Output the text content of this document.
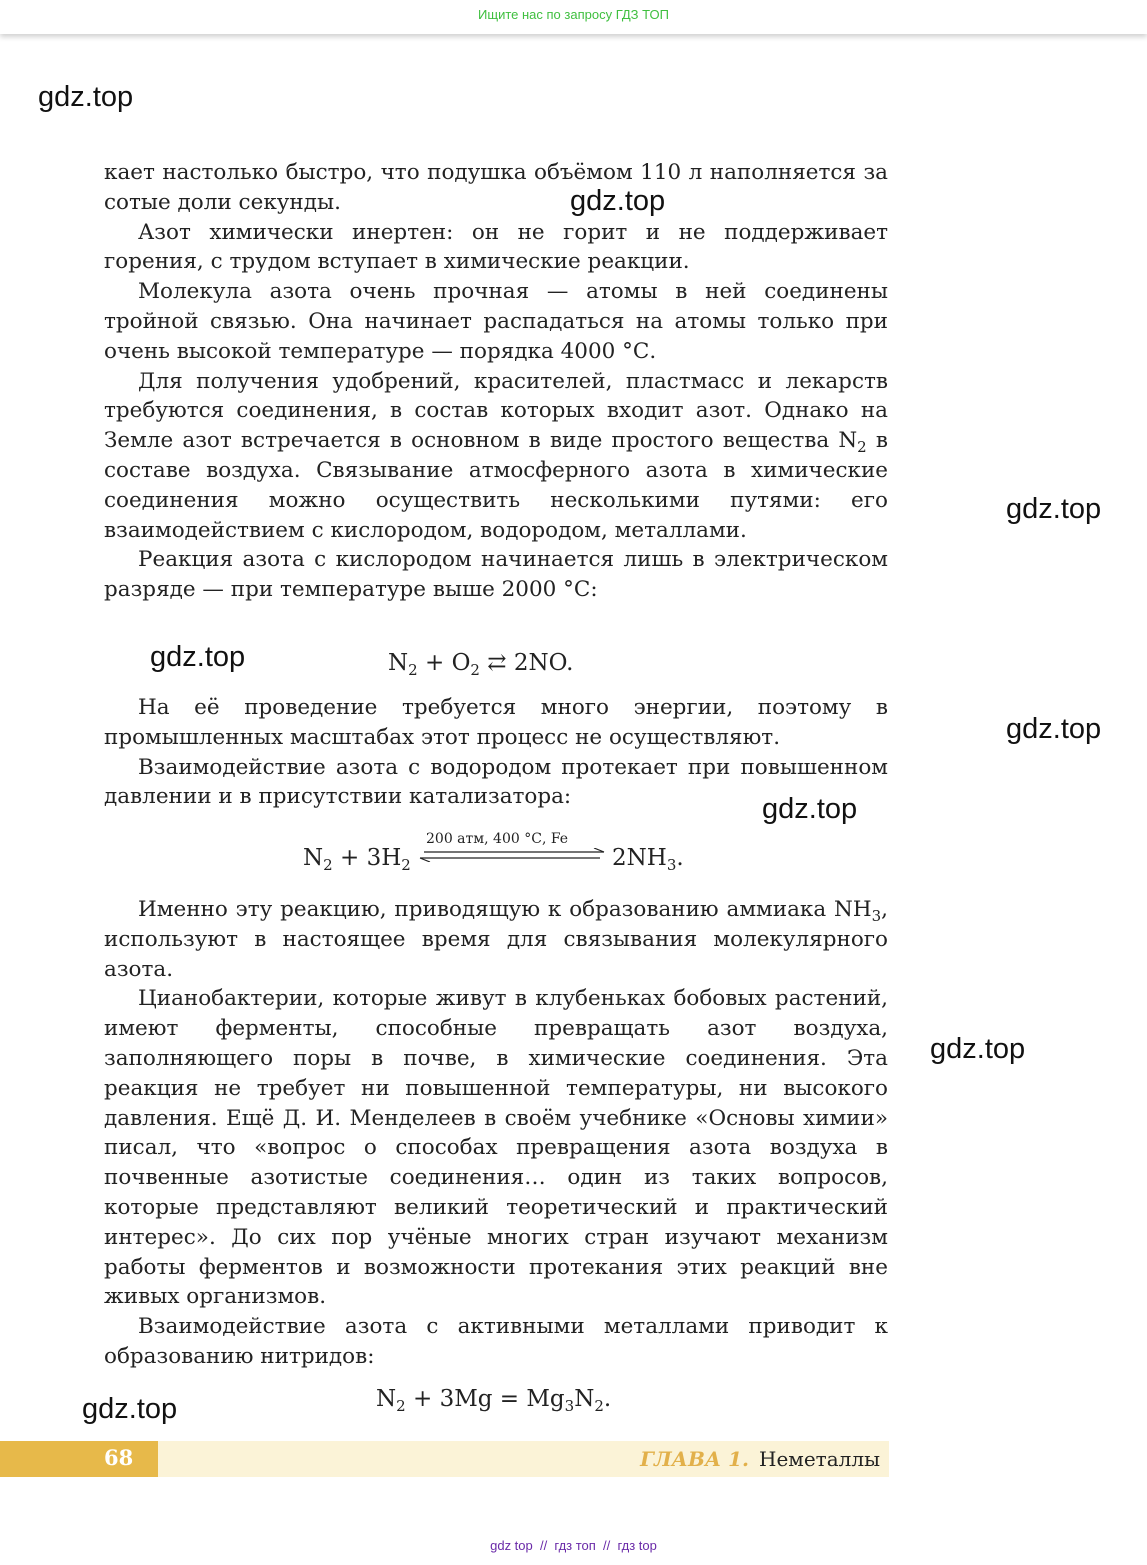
Ищите нас по запросу ГДЗ ТОП
gdz.top
gdz.top
gdz.top
gdz.top
gdz.top
gdz.top
gdz.top
gdz.top

кает настолько быстро, что подушка объёмом 110 л наполняется за сотые доли секунды.

Азот химически инертен: он не горит и не поддерживает горения, с трудом вступает в химические реакции.

Молекула азота очень прочная — атомы в ней соединены тройной связью. Она начинает распадаться на атомы только при очень высокой температуре — порядка 4000 °С.

Для получения удобрений, красителей, пластмасс и лекарств требуются соединения, в состав которых входит азот. Однако на Земле азот встречается в основном в виде простого вещества $N_2$ в составе воздуха. Связывание атмосферного азота в химические соединения можно осуществить несколькими путями: его взаимодействием с кислородом, водородом, металлами.

Реакция азота с кислородом начинается лишь в электрическом разряде — при температуре выше 2000 °С:

$N_2 + O_2$ ⇄ 2NO.

На её проведение требуется много энергии, поэтому в промышленных масштабах этот процесс не осуществляют.

Взаимодействие азота с водородом протекает при повышенном давлении и в присутствии катализатора:

200 атм, 400 °С, Fe
$N_2 + 3H_2$	$2NH_3$.

Именно эту реакцию, приводящую к образованию аммиака $NH_3$, используют в настоящее время для связывания молекулярного азота.

Цианобактерии, которые живут в клубеньках бобовых растений, имеют ферменты, способные превращать азот воздуха, заполняющего поры в почве, в химические соединения. Эта реакция не требует ни повышенной температуры, ни высокого давления. Ещё Д. И. Менделеев в своём учебнике «Основы химии» писал, что «вопрос о способах превращения азота воздуха в почвенные азотистые соединения… один из таких вопросов, которые представляют великий теоретический и практический интерес». До сих пор учёные многих стран изучают механизм работы ферментов и возможности протекания этих реакций вне живых организмов.

Взаимодействие азота с активными металлами приводит к образованию нитридов:

$N_2 + 3Mg = Mg_3N_2$.
68	ГЛАВА 1. Неметаллы
gdz top  //  гдз топ  //  гдз top
